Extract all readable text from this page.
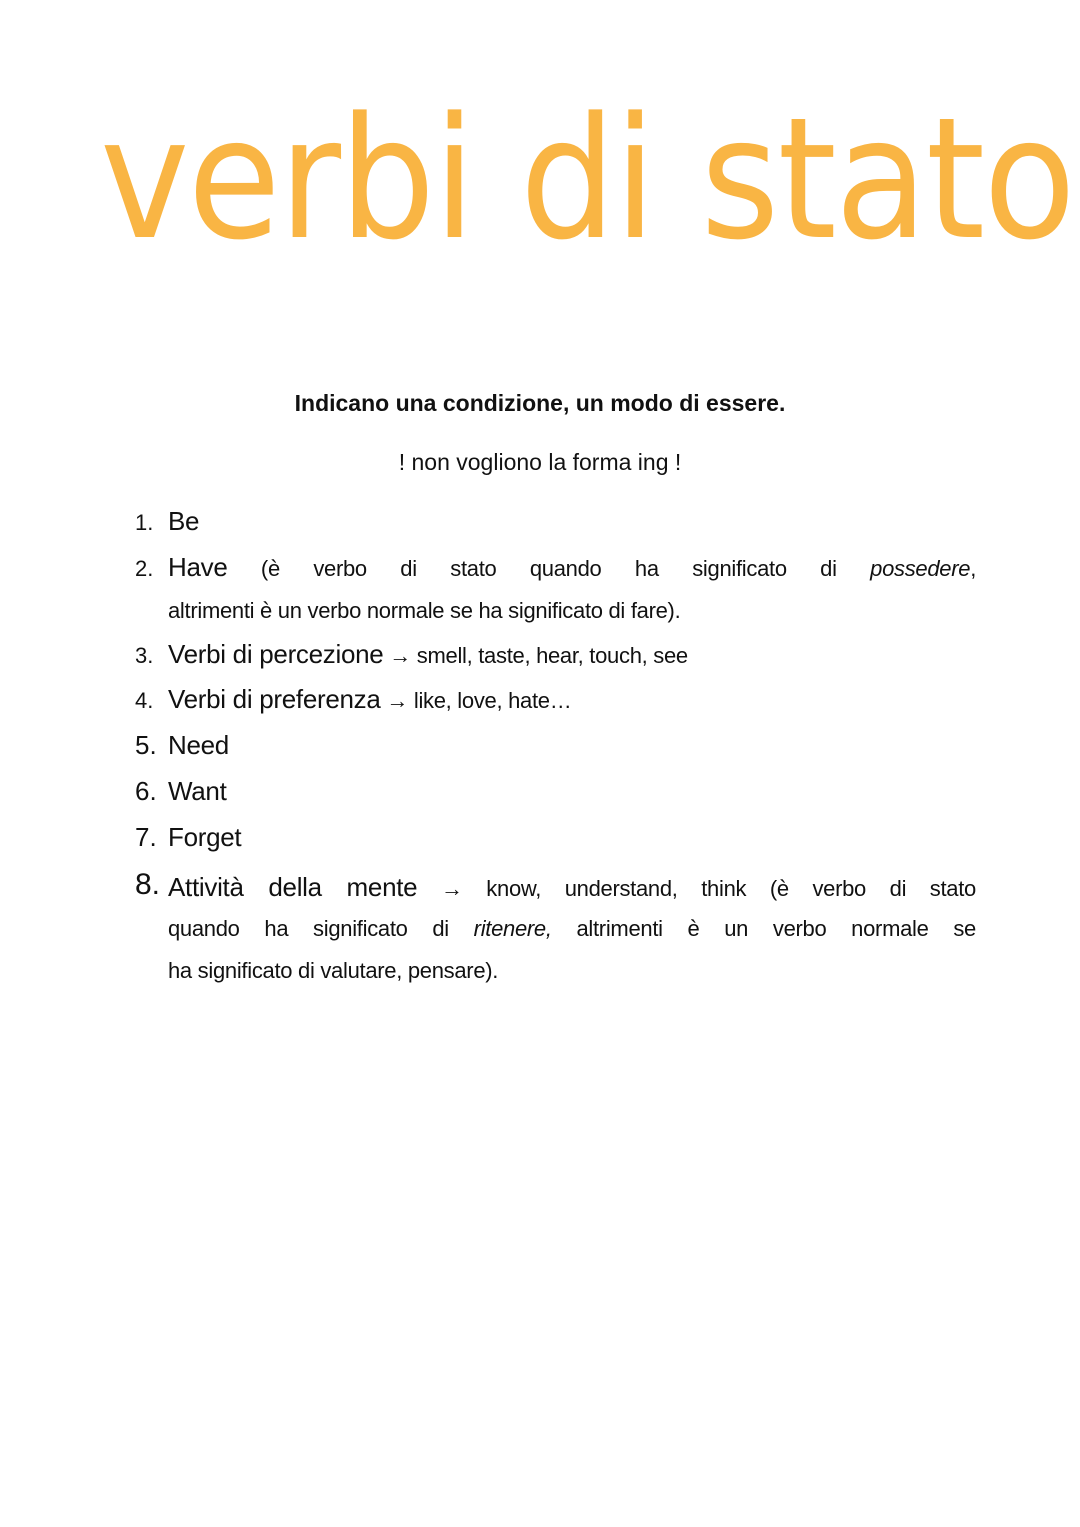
verbi di stato
Indicano una condizione, un modo di essere.
! non vogliono la forma ing !
1. Be
2. Have (è verbo di stato quando ha significato di possedere,
altrimenti è un verbo normale se ha significato di fare).
3. Verbi di percezione → smell, taste, hear, touch, see
4. Verbi di preferenza → like, love, hate…
5. Need
6. Want
7. Forget
8. Attività della mente → know, understand, think (è verbo di stato
quando ha significato di ritenere, altrimenti è un verbo normale se
ha significato di valutare, pensare).
